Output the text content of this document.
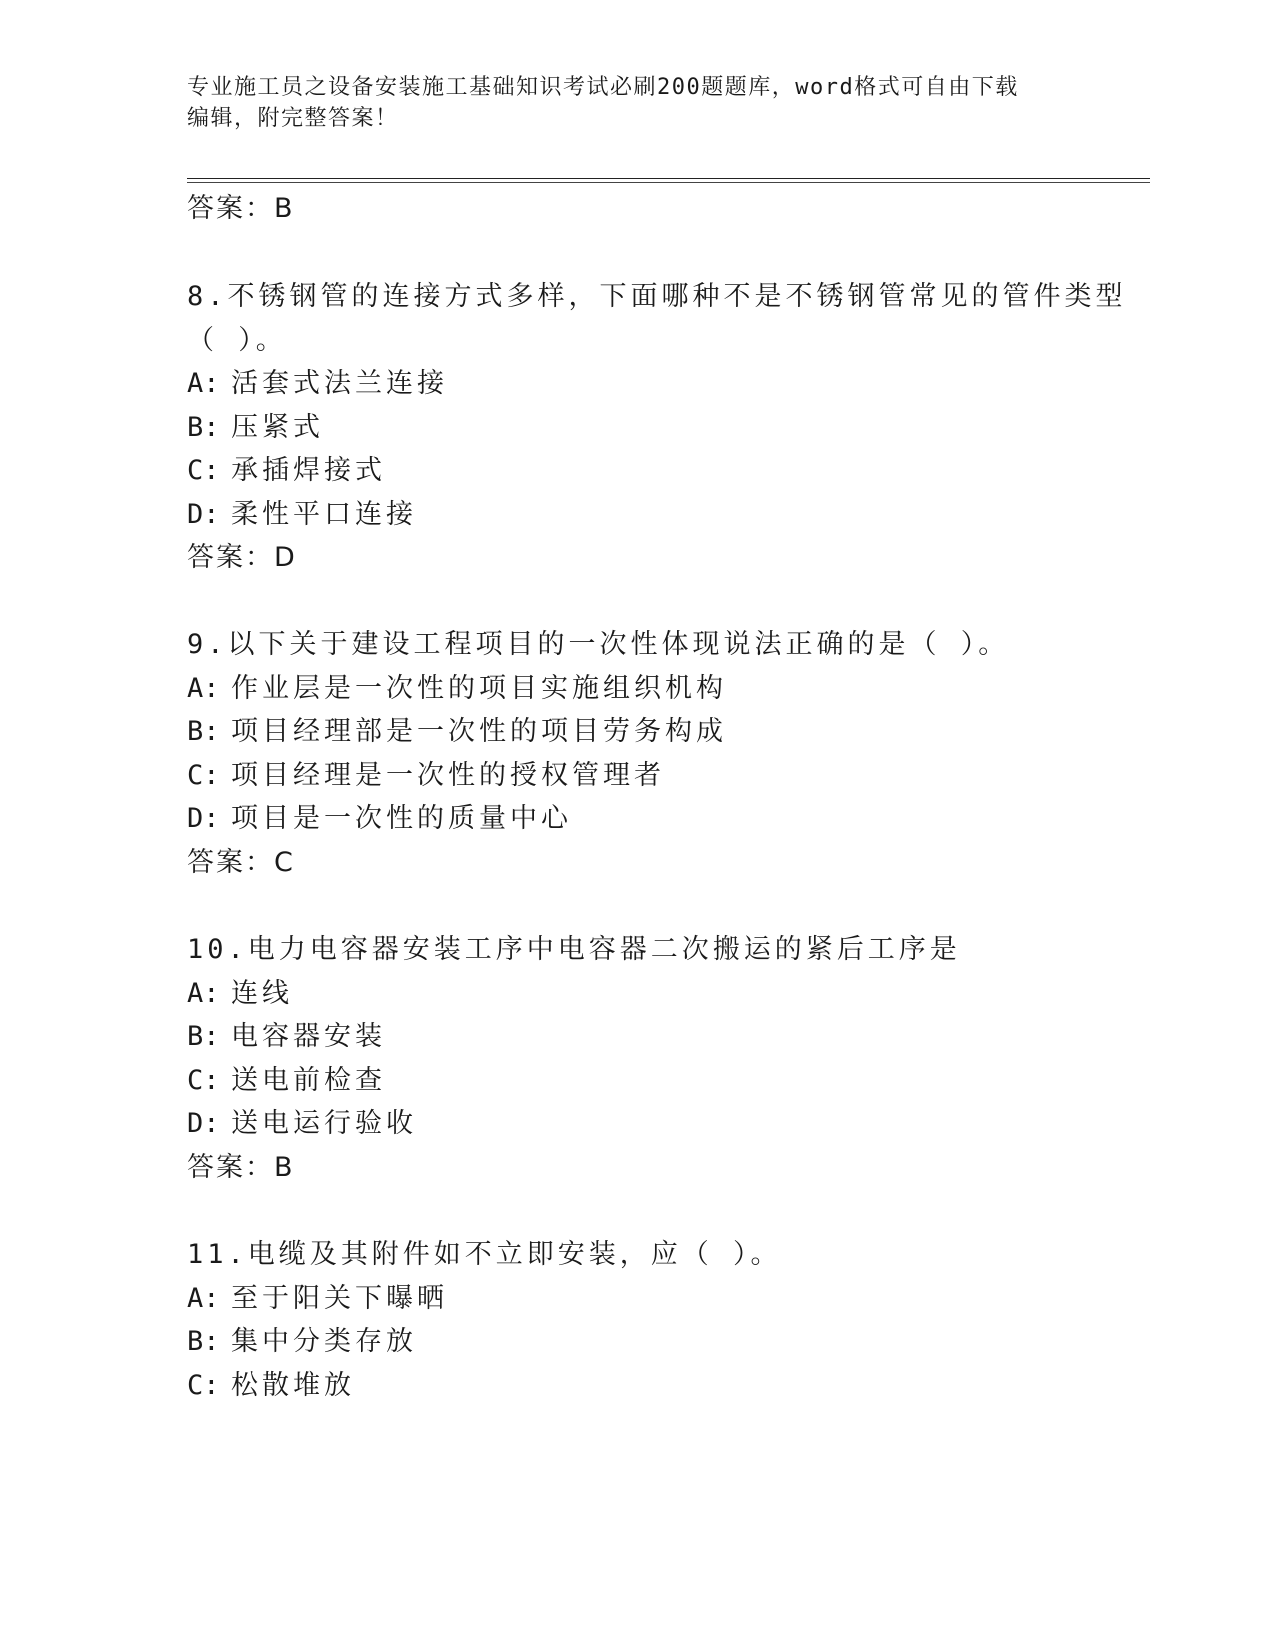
专业施工员之设备安装施工基础知识考试必刷200题题库，word格式可自由下载
编辑，附完整答案！
答案：B
8.不锈钢管的连接方式多样，下面哪种不是不锈钢管常见的管件类型
（ ）。
A: 活套式法兰连接
B: 压紧式
C: 承插焊接式
D: 柔性平口连接
答案：D
9.以下关于建设工程项目的一次性体现说法正确的是（ ）。
A: 作业层是一次性的项目实施组织机构
B: 项目经理部是一次性的项目劳务构成
C: 项目经理是一次性的授权管理者
D: 项目是一次性的质量中心
答案：C
10.电力电容器安装工序中电容器二次搬运的紧后工序是
A: 连线
B: 电容器安装
C: 送电前检查
D: 送电运行验收
答案：B
11.电缆及其附件如不立即安装，应（ ）。
A: 至于阳关下曝晒
B: 集中分类存放
C: 松散堆放
